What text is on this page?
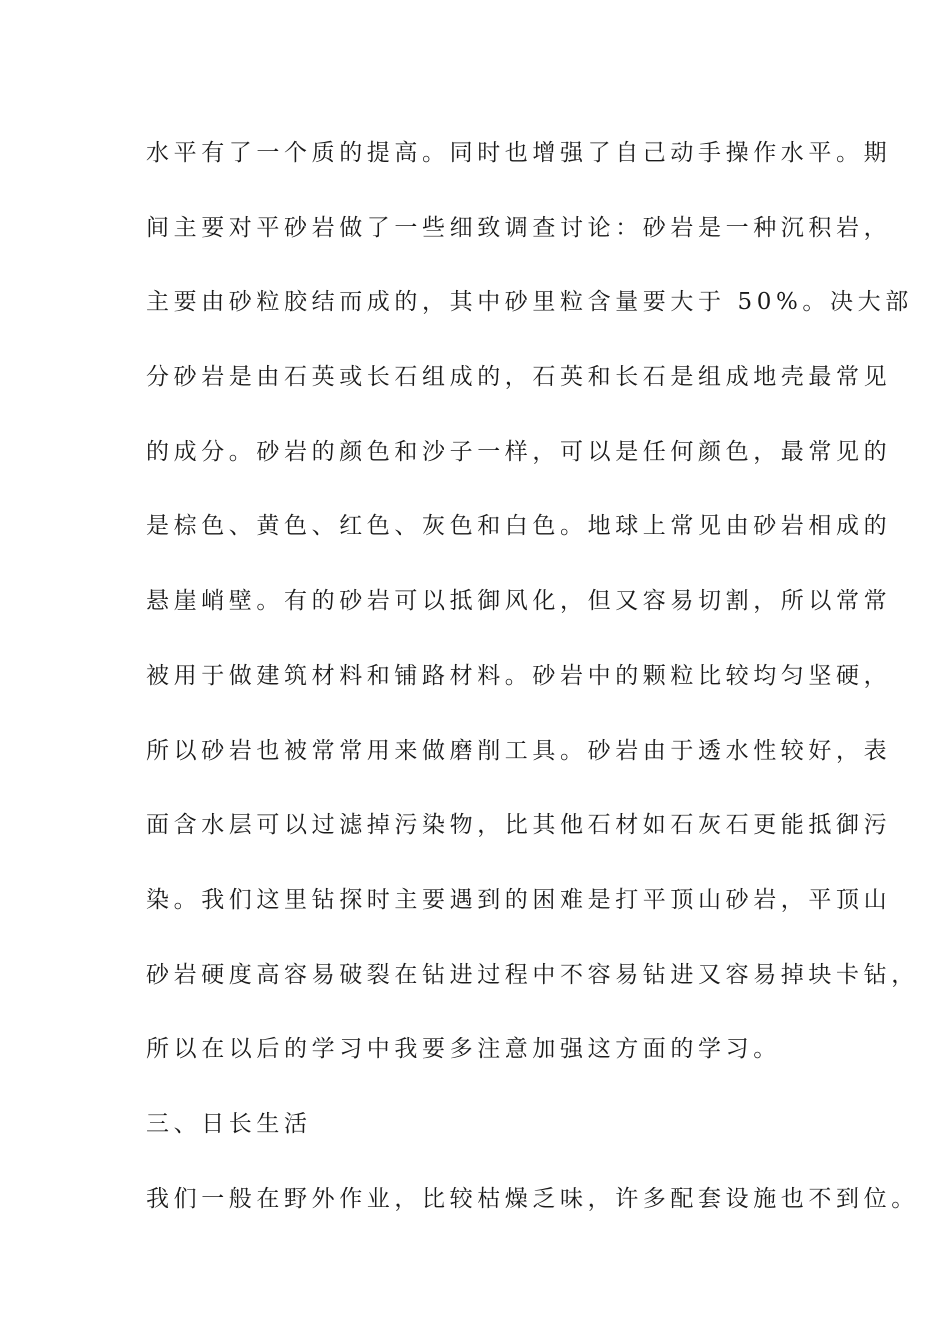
水平有了一个质的提高。同时也增强了自己动手操作水平。期
间主要对平砂岩做了一些细致调查讨论：砂岩是一种沉积岩，
主要由砂粒胶结而成的，其中砂里粒含量要大于 50%。决大部
分砂岩是由石英或长石组成的，石英和长石是组成地壳最常见
的成分。砂岩的颜色和沙子一样，可以是任何颜色，最常见的
是棕色、黄色、红色、灰色和白色。地球上常见由砂岩相成的
悬崖峭壁。有的砂岩可以抵御风化，但又容易切割，所以常常
被用于做建筑材料和铺路材料。砂岩中的颗粒比较均匀坚硬，
所以砂岩也被常常用来做磨削工具。砂岩由于透水性较好，表
面含水层可以过滤掉污染物，比其他石材如石灰石更能抵御污
染。我们这里钻探时主要遇到的困难是打平顶山砂岩，平顶山
砂岩硬度高容易破裂在钻进过程中不容易钻进又容易掉块卡钻，
所以在以后的学习中我要多注意加强这方面的学习。
三、日长生活
我们一般在野外作业，比较枯燥乏味，许多配套设施也不到位。
